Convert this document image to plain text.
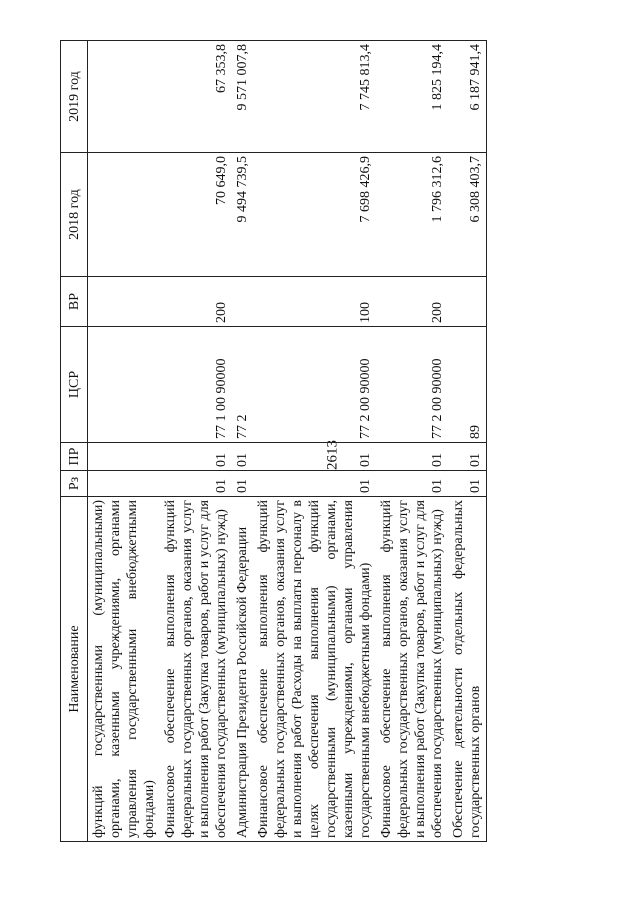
2613
Наименование	Рз	ПР	ЦСР	ВР	2018 год	2019 год
функций государственными (муниципальными) органами, казенными учреждениями, органами управления государственными внебюджетными фондами)						
Финансовое обеспечение выполнения функций федеральных государственных органов, оказания услуг и выполнения работ (Закупка товаров, работ и услуг для обеспечения государственных (муниципальных) нужд)	01	01	77 1 00 90000	200	70 649,0	67 353,8
Администрация Президента Российской Федерации	01	01	77 2		9 494 739,5	9 571 007,8
Финансовое обеспечение выполнения функций федеральных государственных органов, оказания услуг и выполнения работ (Расходы на выплаты персоналу в целях обеспечения выполнения функций государственными (муниципальными) органами, казенными учреждениями, органами управления государственными внебюджетными фондами)	01	01	77 2 00 90000	100	7 698 426,9	7 745 813,4
Финансовое обеспечение выполнения функций федеральных государственных органов, оказания услуг и выполнения работ (Закупка товаров, работ и услуг для обеспечения государственных (муниципальных) нужд)	01	01	77 2 00 90000	200	1 796 312,6	1 825 194,4
Обеспечение деятельности отдельных федеральных государственных органов	01	01	89		6 308 403,7	6 187 941,4
